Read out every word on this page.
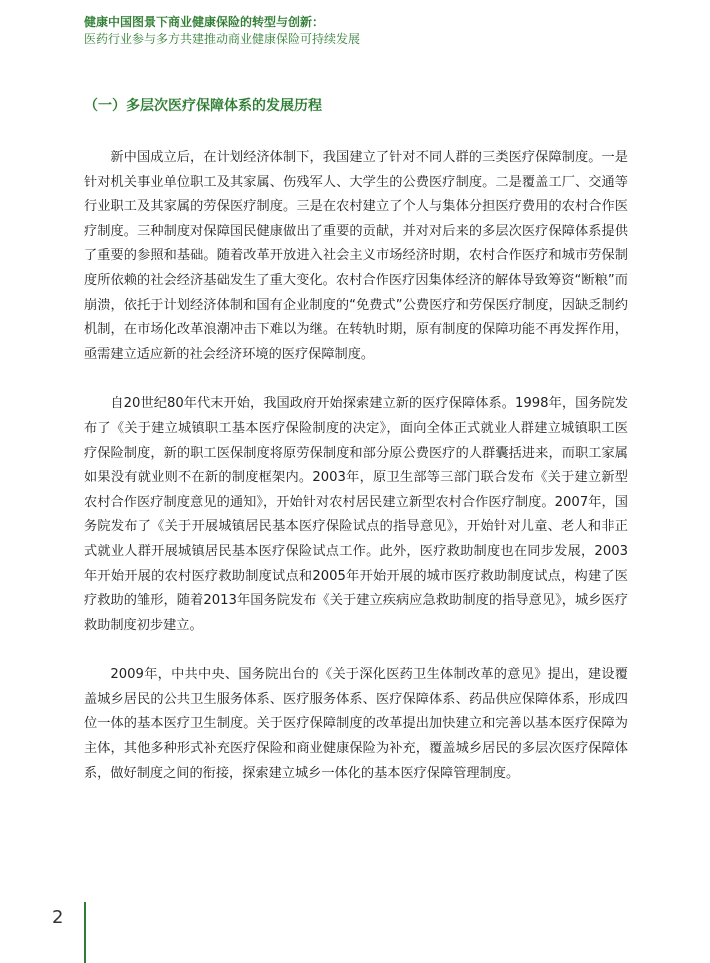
健康中国图景下商业健康保险的转型与创新：
医药行业参与多方共建推动商业健康保险可持续发展
（一）多层次医疗保障体系的发展历程

新中国成立后，在计划经济体制下，我国建立了针对不同人群的三类医疗保障制度。一是针对机关事业单位职工及其家属、伤残军人、大学生的公费医疗制度。二是覆盖工厂、交通等行业职工及其家属的劳保医疗制度。三是在农村建立了个人与集体分担医疗费用的农村合作医疗制度。三种制度对保障国民健康做出了重要的贡献，并对对后来的多层次医疗保障体系提供了重要的参照和基础。随着改革开放进入社会主义市场经济时期，农村合作医疗和城市劳保制度所依赖的社会经济基础发生了重大变化。农村合作医疗因集体经济的解体导致筹资“断粮”而崩溃，依托于计划经济体制和国有企业制度的“免费式”公费医疗和劳保医疗制度，因缺乏制约机制，在市场化改革浪潮冲击下难以为继。在转轨时期，原有制度的保障功能不再发挥作用，亟需建立适应新的社会经济环境的医疗保障制度。

自20世纪80年代末开始，我国政府开始探索建立新的医疗保障体系。1998年，国务院发布了《关于建立城镇职工基本医疗保险制度的决定》，面向全体正式就业人群建立城镇职工医疗保险制度，新的职工医保制度将原劳保制度和部分原公费医疗的人群囊括进来，而职工家属如果没有就业则不在新的制度框架内。2003年，原卫生部等三部门联合发布《关于建立新型农村合作医疗制度意见的通知》，开始针对农村居民建立新型农村合作医疗制度。2007年，国务院发布了《关于开展城镇居民基本医疗保险试点的指导意见》，开始针对儿童、老人和非正式就业人群开展城镇居民基本医疗保险试点工作。此外，医疗救助制度也在同步发展，2003年开始开展的农村医疗救助制度试点和2005年开始开展的城市医疗救助制度试点，构建了医疗救助的雏形，随着2013年国务院发布《关于建立疾病应急救助制度的指导意见》，城乡医疗救助制度初步建立。

2009年，中共中央、国务院出台的《关于深化医药卫生体制改革的意见》提出，建设覆盖城乡居民的公共卫生服务体系、医疗服务体系、医疗保障体系、药品供应保障体系，形成四位一体的基本医疗卫生制度。关于医疗保障制度的改革提出加快建立和完善以基本医疗保障为主体，其他多种形式补充医疗保险和商业健康保险为补充，覆盖城乡居民的多层次医疗保障体系，做好制度之间的衔接，探索建立城乡一体化的基本医疗保障管理制度。

2
